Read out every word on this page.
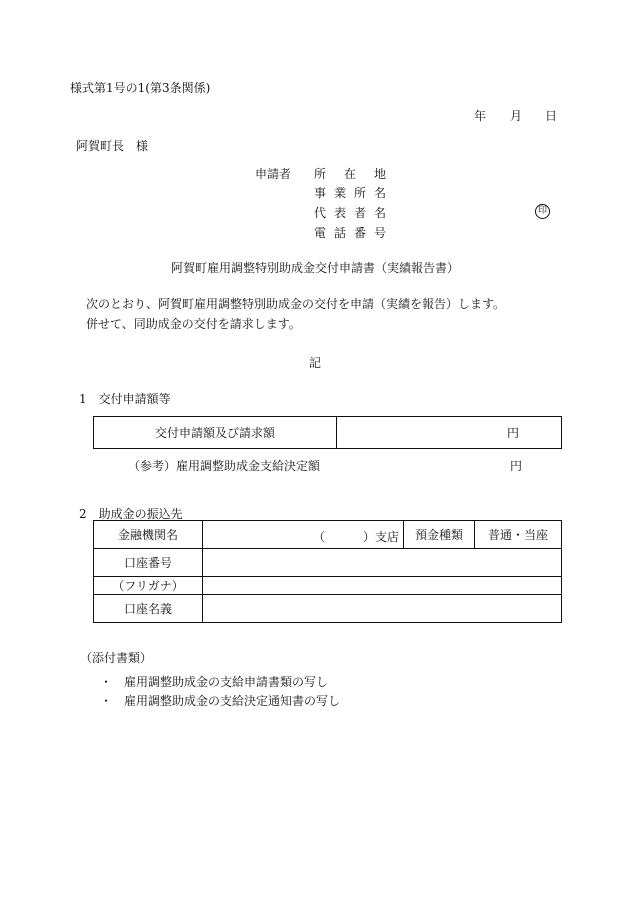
様式第1号の1(第3条関係)
年 月 日
阿賀町長　様
申請者 所 在 地
事 業 所 名
代 表 者 名
電 話 番 号
印
阿賀町雇用調整特別助成金交付申請書（実績報告書）
次のとおり、阿賀町雇用調整特別助成金の交付を申請（実績を報告）します。
併せて、同助成金の交付を請求します。
記
1　交付申請額等
交付申請額及び請求額	円
（参考）雇用調整助成金支給決定額	円
2　助成金の振込先
金融機関名	（ ）支店	預金種類	普通・当座
口座番号			
（フリガナ）			
口座名義			
（添付書類）
・　雇用調整助成金の支給申請書類の写し
・　雇用調整助成金の支給決定通知書の写し
